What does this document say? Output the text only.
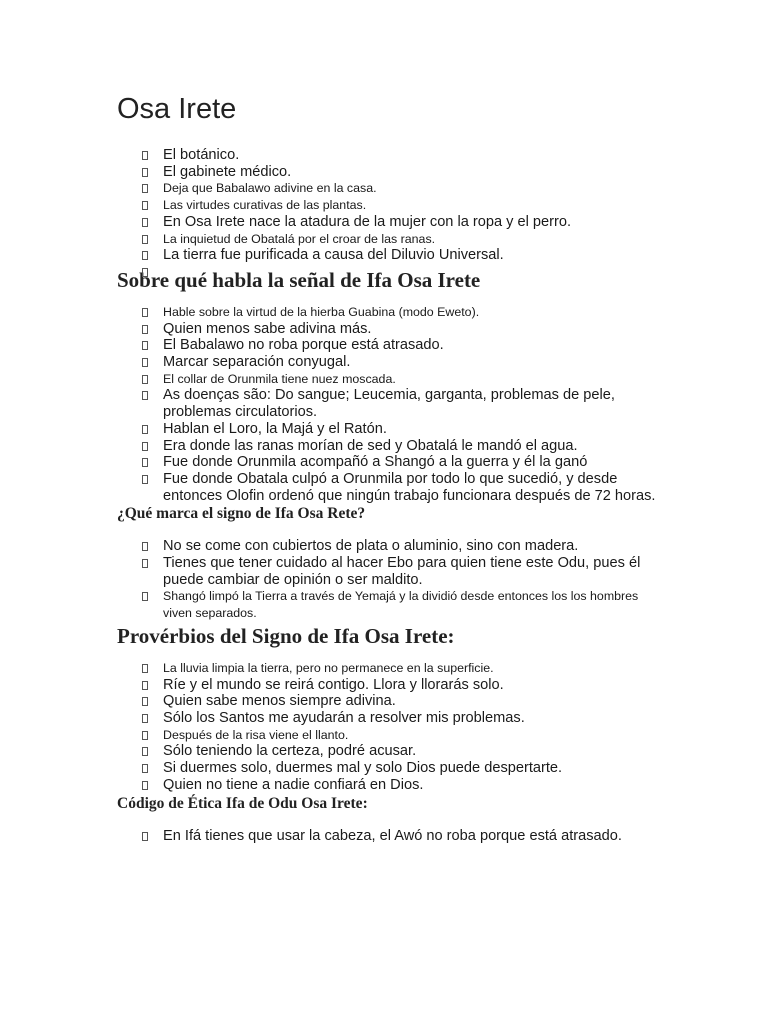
Osa Irete
El botánico.
El gabinete médico.
Deja que Babalawo adivine en la casa.
Las virtudes curativas de las plantas.
En Osa Irete nace la atadura de la mujer con la ropa y el perro.
La inquietud de Obatalá por el croar de las ranas.
La tierra fue purificada a causa del Diluvio Universal.
Sobre qué habla la señal de Ifa Osa Irete
Hable sobre la virtud de la hierba Guabina (modo Eweto).
Quien menos sabe adivina más.
El Babalawo no roba porque está atrasado.
Marcar separación conyugal.
El collar de Orunmila tiene nuez moscada.
As doenças são: Do sangue; Leucemia, garganta, problemas de pele, problemas circulatorios.
Hablan el Loro, la Majá y el Ratón.
Era donde las ranas morían de sed y Obatalá le mandó el agua.
Fue donde Orunmila acompañó a Shangó a la guerra y él la ganó
Fue donde Obatala culpó a Orunmila por todo lo que sucedió, y desde entonces Olofin ordenó que ningún trabajo funcionara después de 72 horas.
¿Qué marca el signo de Ifa Osa Rete?
No se come con cubiertos de plata o aluminio, sino con madera.
Tienes que tener cuidado al hacer Ebo para quien tiene este Odu, pues él puede cambiar de opinión o ser maldito.
Shangó limpó la Tierra a través de Yemajá y la dividió desde entonces los los hombres viven separados.
Provérbios del Signo de Ifa Osa Irete:
La lluvia limpia la tierra, pero no permanece en la superficie.
Ríe y el mundo se reirá contigo. Llora y llorarás solo.
Quien sabe menos siempre adivina.
Sólo los Santos me ayudarán a resolver mis problemas.
Después de la risa viene el llanto.
Sólo teniendo la certeza, podré acusar.
Si duermes solo, duermes mal y solo Dios puede despertarte.
Quien no tiene a nadie confiará en Dios.
Código de Ética Ifa de Odu Osa Irete:
En Ifá tienes que usar la cabeza, el Awó no roba porque está atrasado.
